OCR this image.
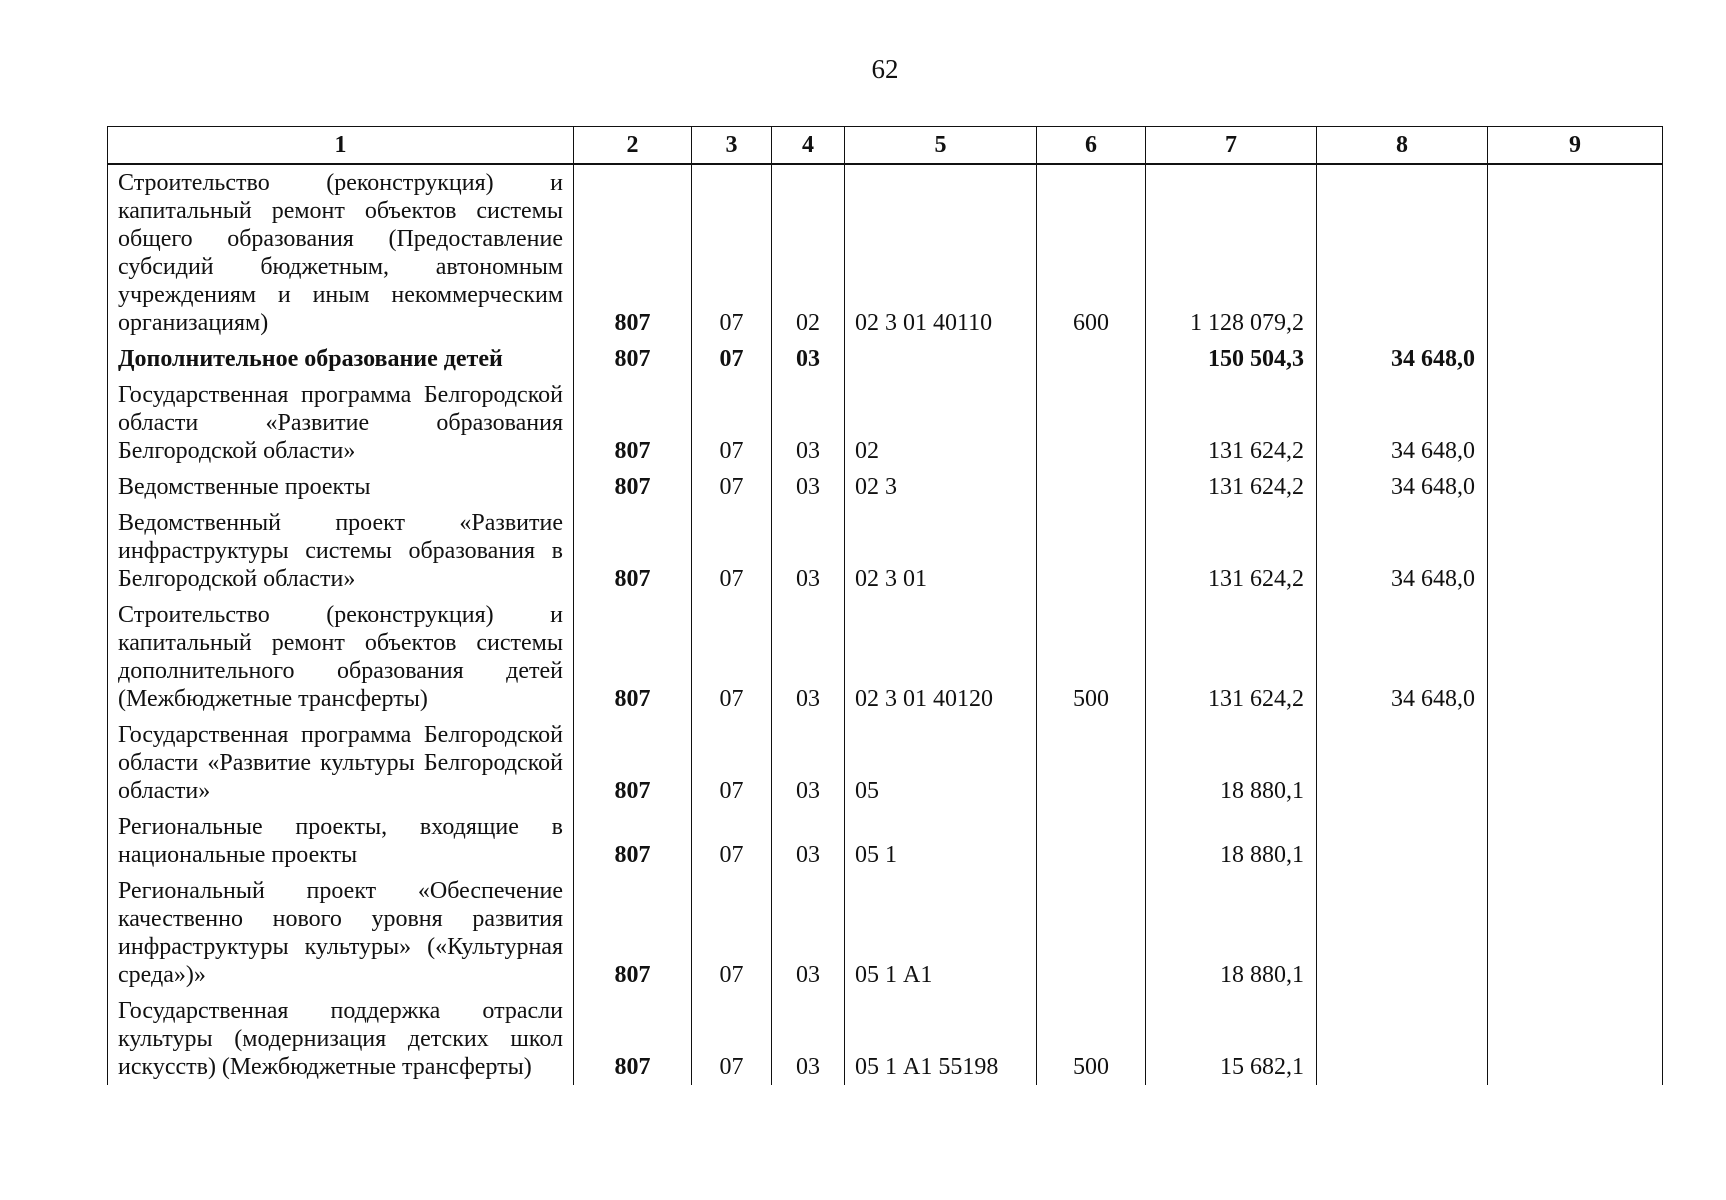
62
1	2	3	4	5	6	7	8	9
Строительство (реконструкция) и капитальный ремонт объектов системы общего образования (Предоставление субсидий бюджетным, автономным учреждениям и иным некоммерческим организациям)	807	07	02	02 3 01 40110	600	1 128 079,2		
Дополнительное образование детей	807	07	03			150 504,3	34 648,0	
Государственная программа Белгородской области «Развитие образования Белгородской области»	807	07	03	02		131 624,2	34 648,0	
Ведомственные проекты	807	07	03	02 3		131 624,2	34 648,0	
Ведомственный проект «Развитие инфраструктуры системы образования в Белгородской области»	807	07	03	02 3 01		131 624,2	34 648,0	
Строительство (реконструкция) и капитальный ремонт объектов системы дополнительного образования детей (Межбюджетные трансферты)	807	07	03	02 3 01 40120	500	131 624,2	34 648,0	
Государственная программа Белгородской области «Развитие культуры Белгородской области»	807	07	03	05		18 880,1		
Региональные проекты, входящие в национальные проекты	807	07	03	05 1		18 880,1		
Региональный проект «Обеспечение качественно нового уровня развития инфраструктуры культуры» («Культурная среда»)»	807	07	03	05 1 А1		18 880,1		
Государственная поддержка отрасли культуры (модернизация детских школ искусств) (Межбюджетные трансферты)	807	07	03	05 1 А1 55198	500	15 682,1		
